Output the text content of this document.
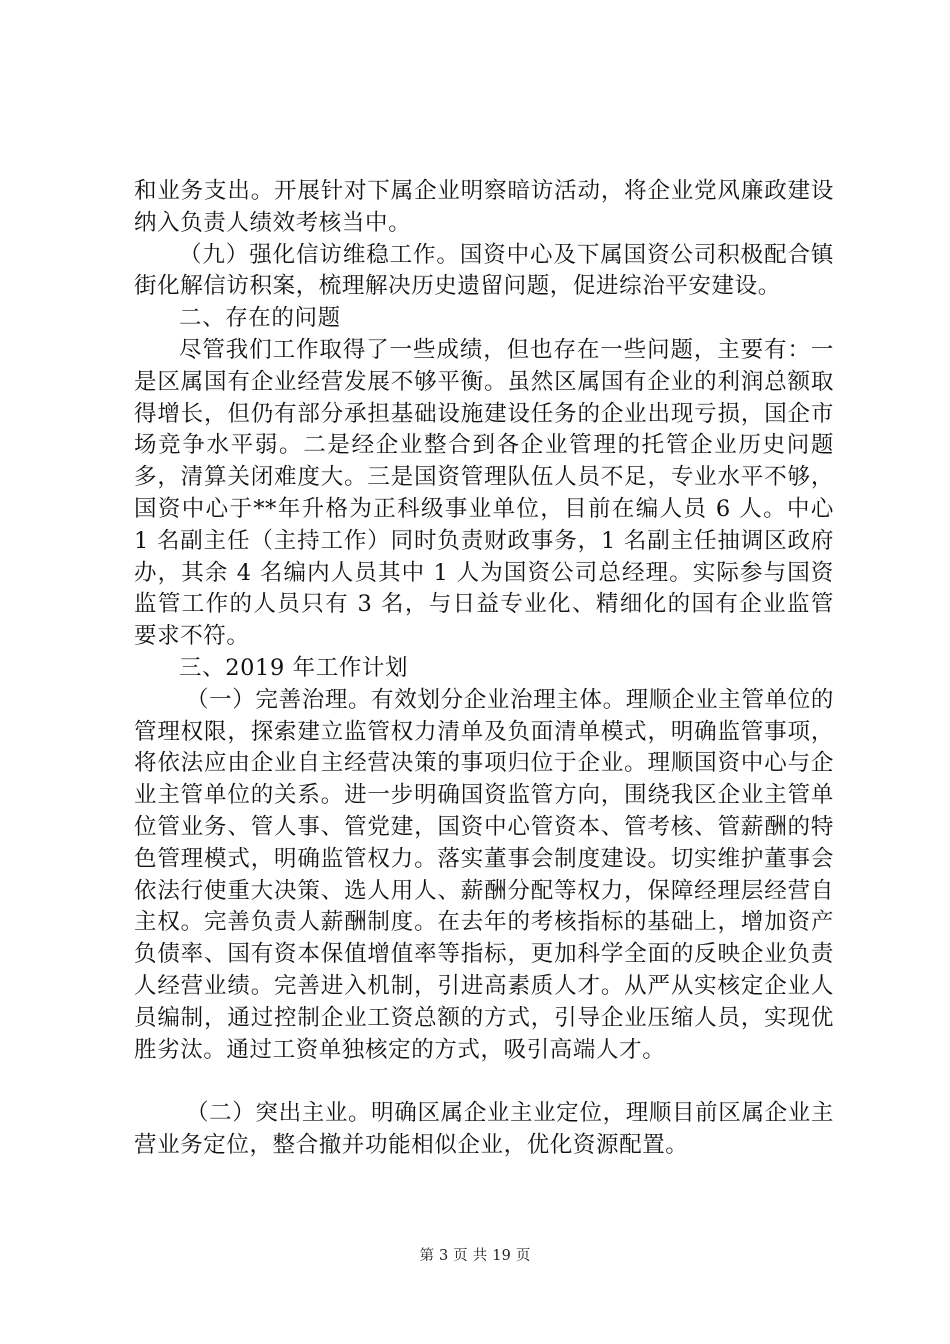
和业务支出。开展针对下属企业明察暗访活动，将企业党风廉政建设纳入负责人绩效考核当中。

（九）强化信访维稳工作。国资中心及下属国资公司积极配合镇街化解信访积案，梳理解决历史遗留问题，促进综治平安建设。

二、存在的问题

尽管我们工作取得了一些成绩，但也存在一些问题，主要有：一是区属国有企业经营发展不够平衡。虽然区属国有企业的利润总额取得增长，但仍有部分承担基础设施建设任务的企业出现亏损，国企市场竞争水平弱。二是经企业整合到各企业管理的托管企业历史问题多，清算关闭难度大。三是国资管理队伍人员不足，专业水平不够，国资中心于**年升格为正科级事业单位，目前在编人员 6 人。中心 1 名副主任（主持工作）同时负责财政事务，1 名副主任抽调区政府办，其余 4 名编内人员其中 1 人为国资公司总经理。实际参与国资监管工作的人员只有 3 名，与日益专业化、精细化的国有企业监管要求不符。

三、2019 年工作计划

（一）完善治理。有效划分企业治理主体。理顺企业主管单位的管理权限，探索建立监管权力清单及负面清单模式，明确监管事项，将依法应由企业自主经营决策的事项归位于企业。理顺国资中心与企业主管单位的关系。进一步明确国资监管方向，围绕我区企业主管单位管业务、管人事、管党建，国资中心管资本、管考核、管薪酬的特色管理模式，明确监管权力。落实董事会制度建设。切实维护董事会依法行使重大决策、选人用人、薪酬分配等权力，保障经理层经营自主权。完善负责人薪酬制度。在去年的考核指标的基础上，增加资产负债率、国有资本保值增值率等指标，更加科学全面的反映企业负责人经营业绩。完善进入机制，引进高素质人才。从严从实核定企业人员编制，通过控制企业工资总额的方式，引导企业压缩人员，实现优胜劣汰。通过工资单独核定的方式，吸引高端人才。

（二）突出主业。明确区属企业主业定位，理顺目前区属企业主营业务定位，整合撤并功能相似企业，优化资源配置。

第 3 页 共 19 页
